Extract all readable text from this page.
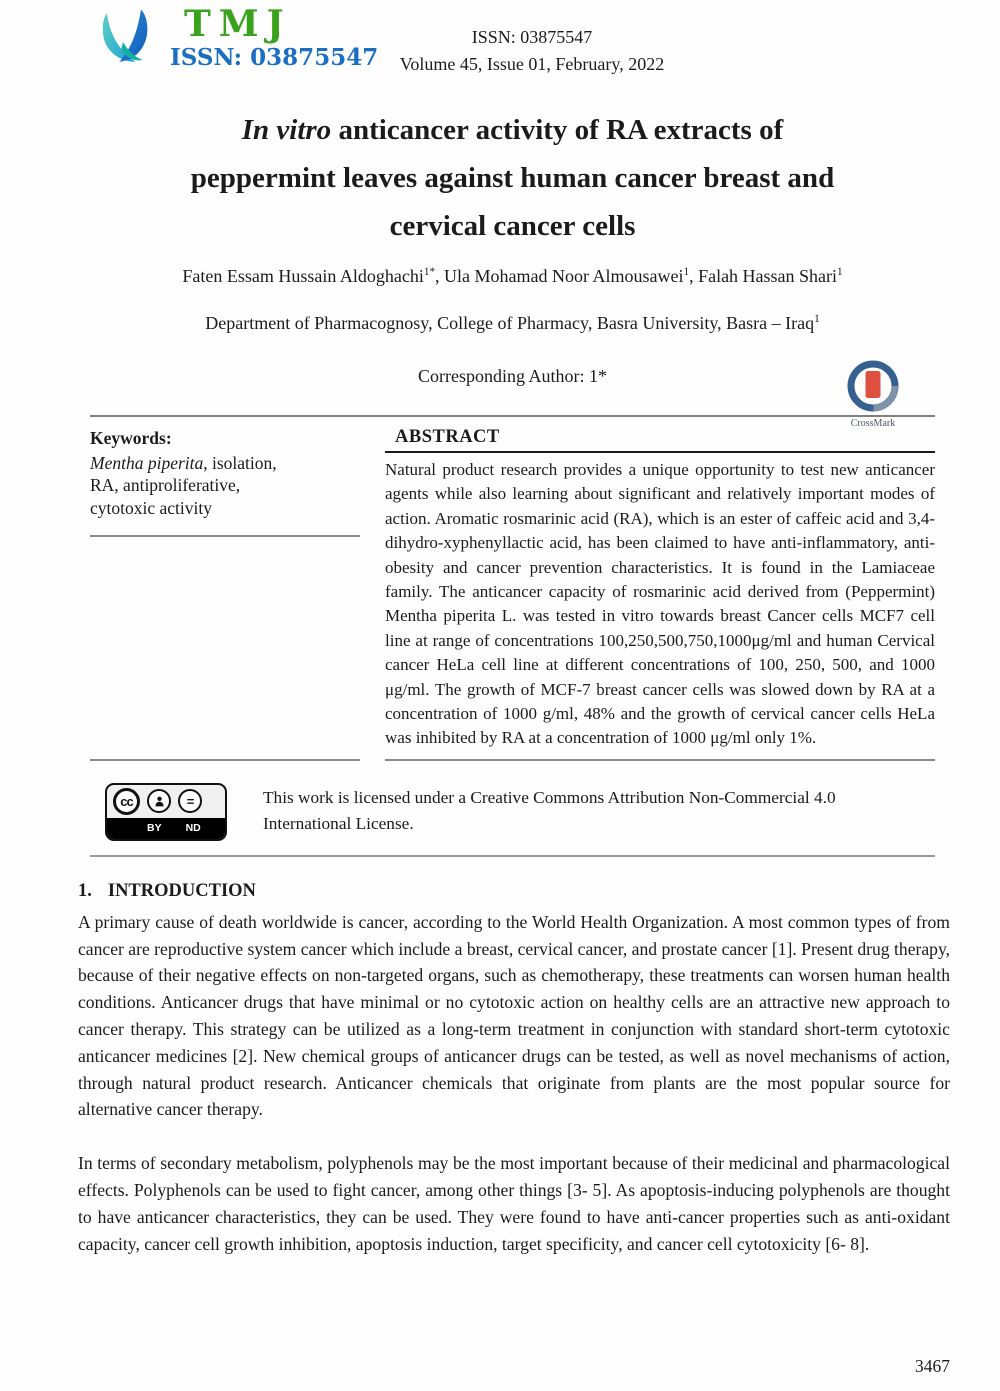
TMJ
ISSN: 03875547
ISSN: 03875547
Volume 45, Issue 01, February, 2022
In vitro anticancer activity of RA extracts of
peppermint leaves against human cancer breast and
cervical cancer cells
Faten Essam Hussain Aldoghachi$^{1*}$, Ula Mohamad Noor Almousawei$^1$, Falah Hassan Shari$^1$
Department of Pharmacognosy, College of Pharmacy, Basra University, Basra – Iraq$^1$
Corresponding Author: 1*
Keywords:
Mentha piperita, isolation,
RA, antiproliferative,
cytotoxic activity
ABSTRACT
Natural product research provides a unique opportunity to test new anticancer agents while also learning about significant and relatively important modes of action. Aromatic rosmarinic acid (RA), which is an ester of caffeic acid and 3,4-dihydro-xyphenyllactic acid, has been claimed to have anti-inflammatory, anti-obesity and cancer prevention characteristics. It is found in the Lamiaceae family. The anticancer capacity of rosmarinic acid derived from (Peppermint) Mentha piperita L. was tested in vitro towards breast Cancer cells MCF7 cell line at range of concentrations 100,250,500,750,1000μg/ml and human Cervical cancer HeLa cell line at different concentrations of 100, 250, 500, and 1000 μg/ml. The growth of MCF-7 breast cancer cells was slowed down by RA at a concentration of 1000 g/ml, 48% and the growth of cervical cancer cells HeLa was inhibited by RA at a concentration of 1000 μg/ml only 1%.
cc	=
BY ND
This work is licensed under a Creative Commons Attribution Non-Commercial 4.0 International License.
CrossMark
1. INTRODUCTION
A primary cause of death worldwide is cancer, according to the World Health Organization. A most common types of from cancer are reproductive system cancer which include a breast, cervical cancer, and prostate cancer [1]. Present drug therapy, because of their negative effects on non-targeted organs, such as chemotherapy, these treatments can worsen human health conditions. Anticancer drugs that have minimal or no cytotoxic action on healthy cells are an attractive new approach to cancer therapy. This strategy can be utilized as a long-term treatment in conjunction with standard short-term cytotoxic anticancer medicines [2]. New chemical groups of anticancer drugs can be tested, as well as novel mechanisms of action, through natural product research. Anticancer chemicals that originate from plants are the most popular source for alternative cancer therapy.
In terms of secondary metabolism, polyphenols may be the most important because of their medicinal and pharmacological effects. Polyphenols can be used to fight cancer, among other things [3- 5]. As apoptosis-inducing polyphenols are thought to have anticancer characteristics, they can be used. They were found to have anti-cancer properties such as anti-oxidant capacity, cancer cell growth inhibition, apoptosis induction, target specificity, and cancer cell cytotoxicity [6- 8].
3467
